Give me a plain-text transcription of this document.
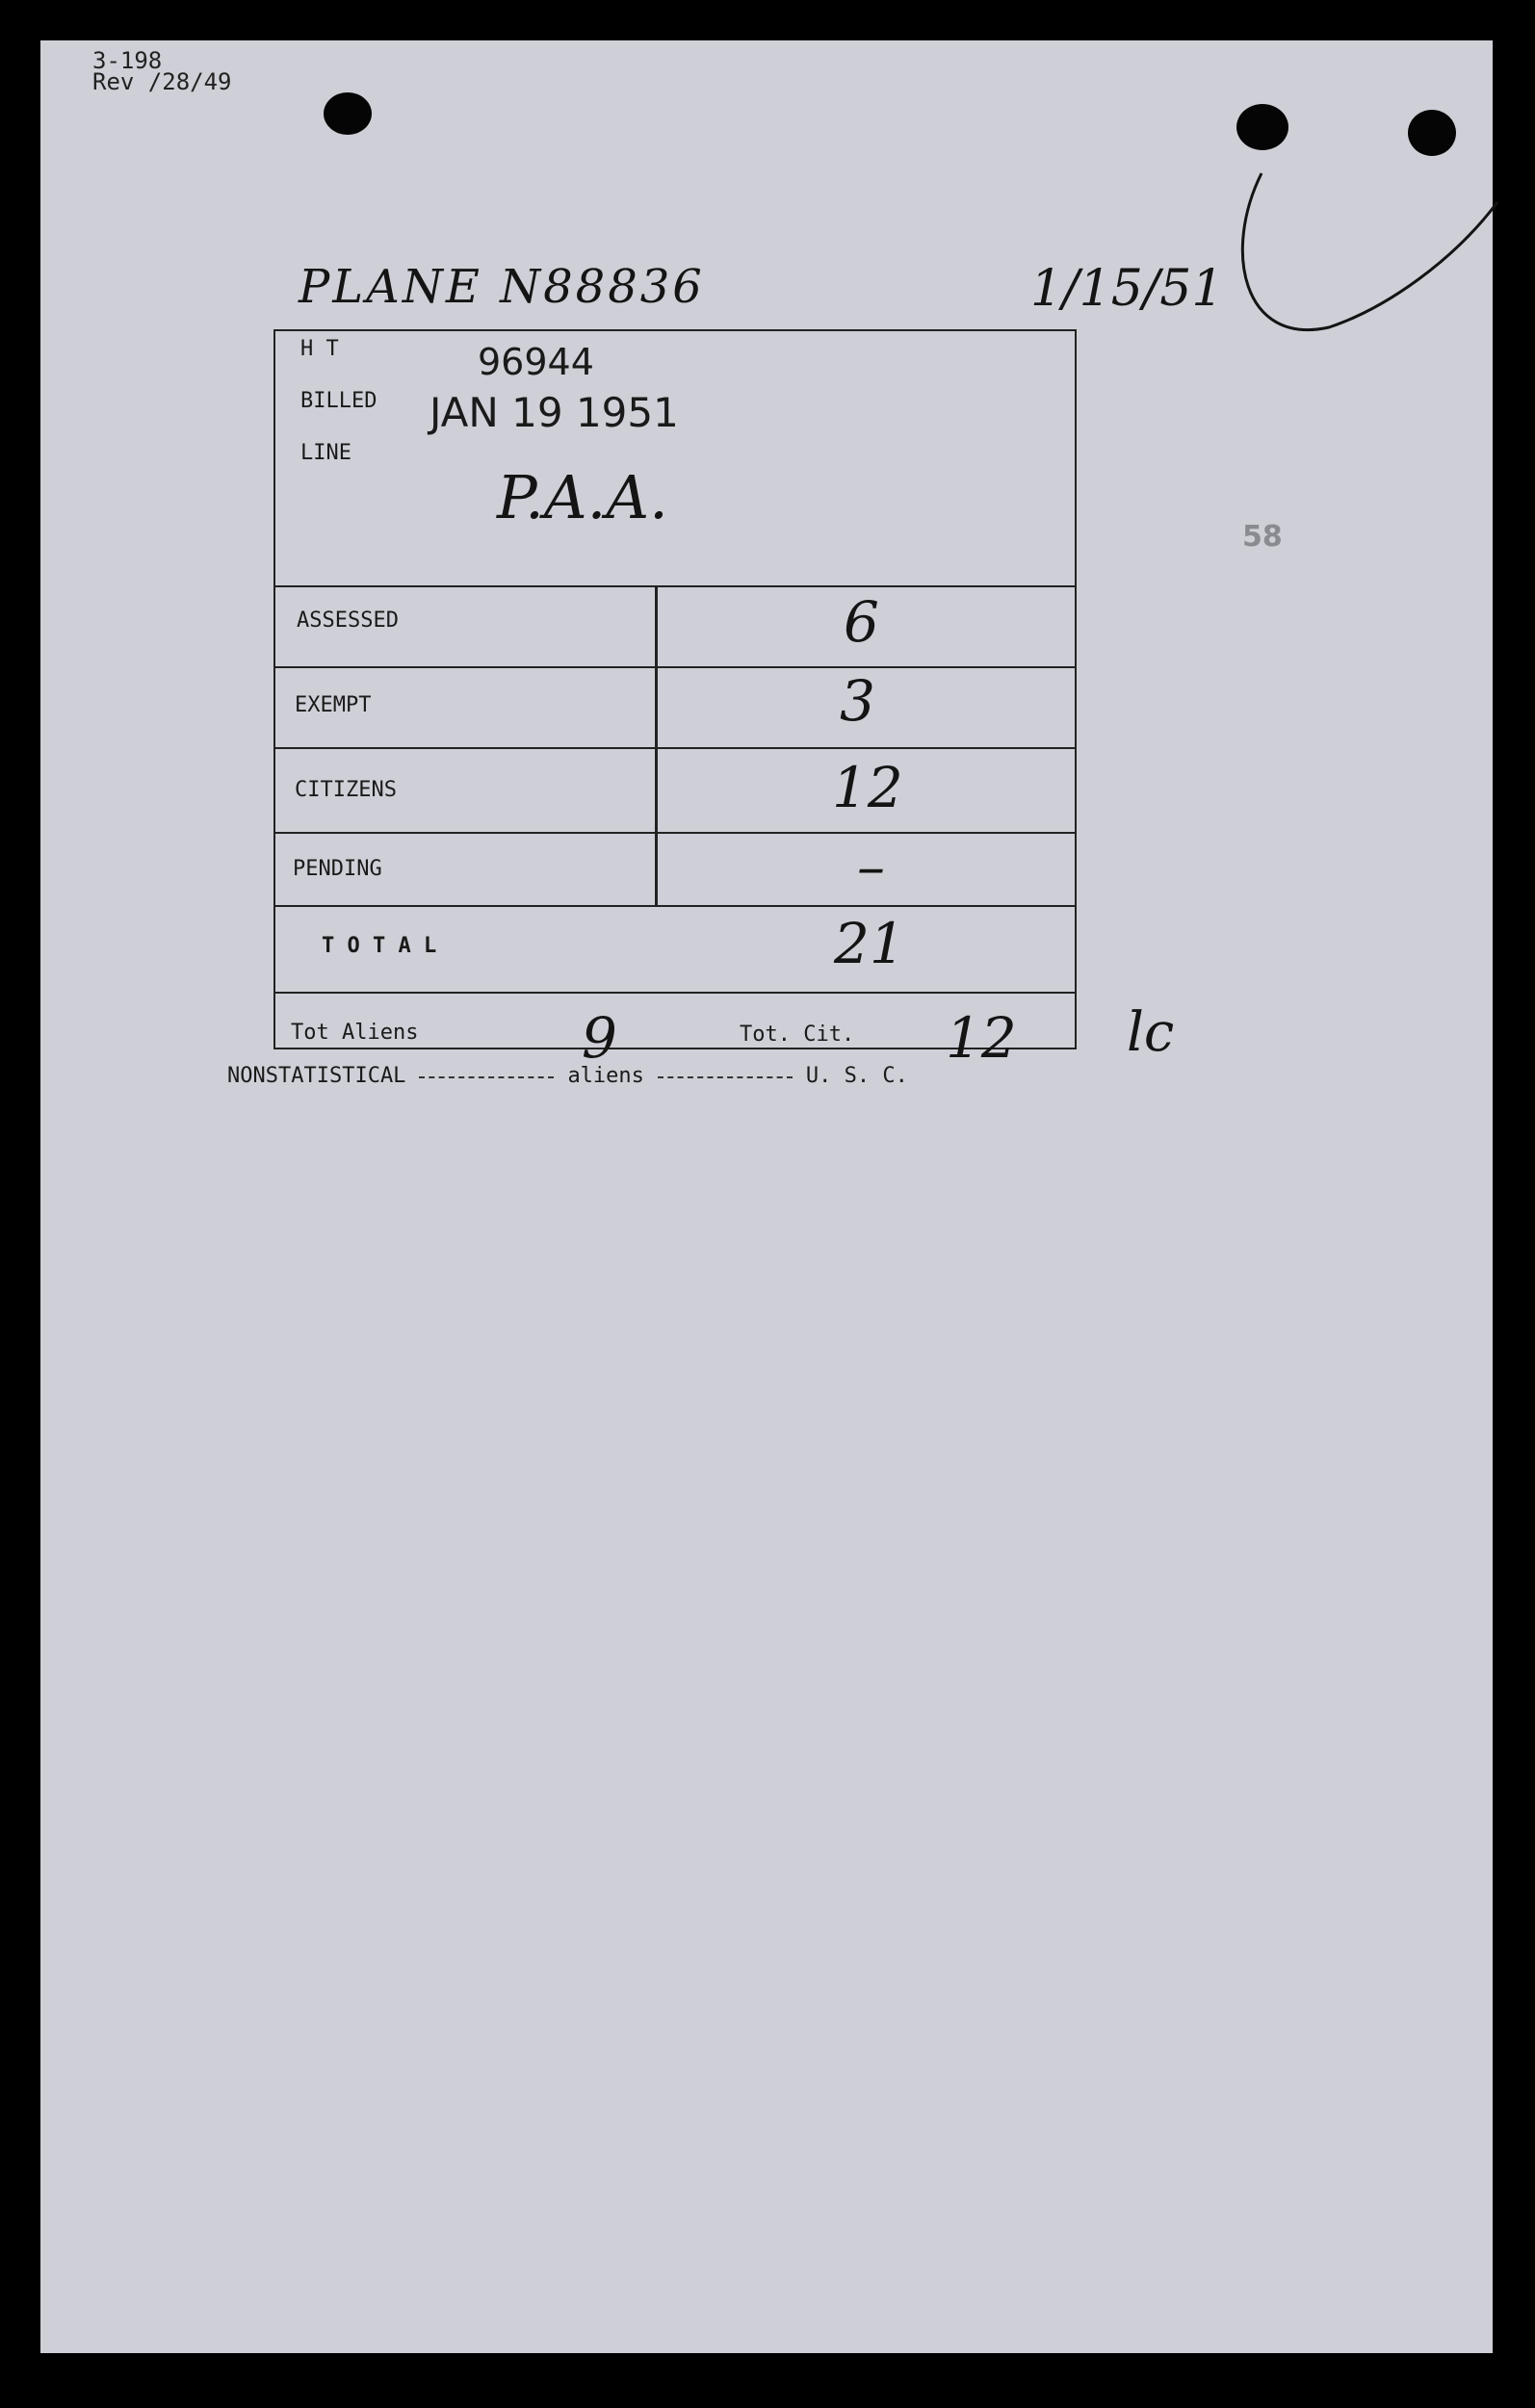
3-198
Rev /28/49
PLANE N88836	1/15/51
H T	96944
BILLED JAN 19 1951
LINE
P.A.A.
ASSESSED	6
EXEMPT	3
CITIZENS	12
PENDING	–
T O T A L	21
Tot Aliens	9	Tot. Cit. 12 lc
58
NONSTATISTICAL	aliens	U. S. C.
